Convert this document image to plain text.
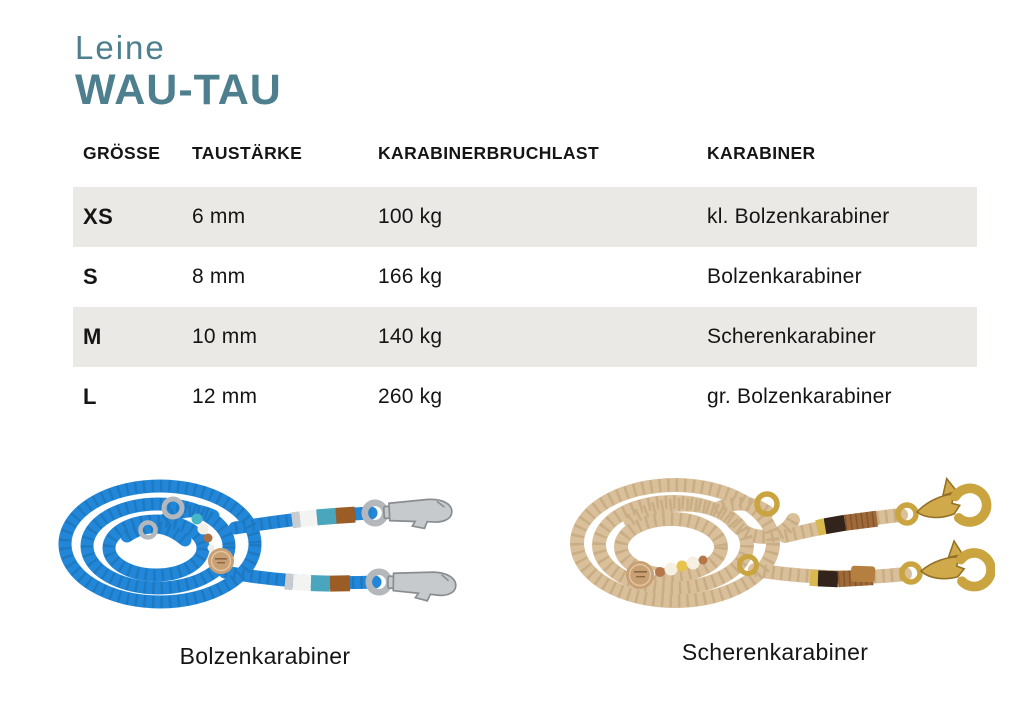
Leine
WAU-TAU
GRÖSSE	TAUSTÄRKE	KARABINERBRUCHLAST	KARABINER
XS	6 mm	100 kg	kl. Bolzenkarabiner
S	8 mm	166 kg	Bolzenkarabiner
M	10 mm	140 kg	Scherenkarabiner
L	12 mm	260 kg	gr. Bolzenkarabiner
Bolzenkarabiner	Scherenkarabiner
